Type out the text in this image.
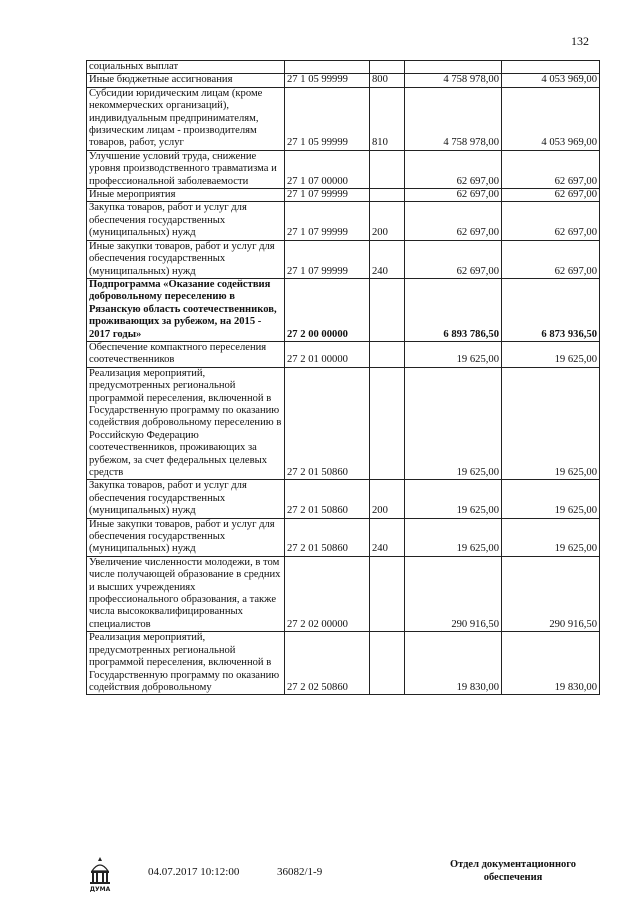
132
социальных выплат				
Иные бюджетные ассигнования	27 1 05 99999	800	4 758 978,00	4 053 969,00
Субсидии юридическим лицам (кроме некоммерческих организаций), индивидуальным предпринимателям, физическим лицам - производителям товаров, работ, услуг	27 1 05 99999	810	4 758 978,00	4 053 969,00
Улучшение условий труда, снижение уровня производственного травматизма и профессиональной заболеваемости	27 1 07 00000		62 697,00	62 697,00
Иные мероприятия	27 1 07 99999		62 697,00	62 697,00
Закупка товаров, работ и услуг для обеспечения государственных (муниципальных) нужд	27 1 07 99999	200	62 697,00	62 697,00
Иные закупки товаров, работ и услуг для обеспечения государственных (муниципальных) нужд	27 1 07 99999	240	62 697,00	62 697,00
Подпрограмма «Оказание содействия добровольному переселению в Рязанскую область соотечественников, проживающих за рубежом, на 2015 - 2017 годы»	27 2 00 00000		6 893 786,50	6 873 936,50
Обеспечение компактного переселения соотечественников	27 2 01 00000		19 625,00	19 625,00
Реализация мероприятий, предусмотренных региональной программой переселения, включенной в Государственную программу по оказанию содействия добровольному переселению в Российскую Федерацию соотечественников, проживающих за рубежом, за счет федеральных целевых средств	27 2 01 50860		19 625,00	19 625,00
Закупка товаров, работ и услуг для обеспечения государственных (муниципальных) нужд	27 2 01 50860	200	19 625,00	19 625,00
Иные закупки товаров, работ и услуг для обеспечения государственных (муниципальных) нужд	27 2 01 50860	240	19 625,00	19 625,00
Увеличение численности молодежи, в том числе получающей образование в средних и высших учреждениях профессионального образования, а также числа высококвалифицированных специалистов	27 2 02 00000		290 916,50	290 916,50
Реализация мероприятий, предусмотренных региональной программой переселения, включенной в Государственную программу по оказанию содействия добровольному	27 2 02 50860		19 830,00	19 830,00
ДУМА
04.07.2017 10:12:00	36082/1-9
Отдел документационного обеспечения
